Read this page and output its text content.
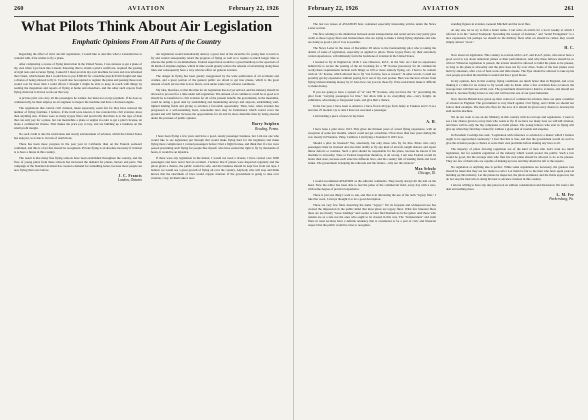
260	AVIATION	February 22, 1926
What Pilots Think About Air Legislation
Emphatic Opinions From All Parts of the Country

Regarding the effect of strict aircraft regulations, I would like to describe what a Canadian has to contend with, if he wishes to fly a plane.

After completing a course of flying instruction in the United States, I was anxious to get a plane of my own when I got back into Canada. Knowing that to obtain a pilot's certificate, required the passing of rigid tests and accurate flying, I asked if I must provide my own machine for tests and was informed that I must, which meant that I would have to pay $300.00 for a machine plus $125.00 freight and take a chance of being allowed to fly it. I would also be required to register the plane and passing those tests would cost far more than I could afford. I thought I might be able to keep in touch with things by reading the magazines and reports of flying at home and elsewhere, and the other such reports from flying clubs but it did not work out that way.

A private pilot can carry all the passengers he wishes, but must not accept payment. If he does so commercially, he must employ an air engineer to inspect the machine and have a licensed engine.

The regulations that control civil aviation, taken separately, seem fair for they have reduced the number of flying fatalities. I believe, if the truth were known, it has retarded the civil aviation, more than anything else. If there were as many Gypsy fliers and practically that there is to the type of man that can only pay for a plane, but can meanwhile a plane or engine in order to get a pilot's license, let alone a commercial license. That makes the price pay to buy, and are building up a business on the small profit margin.

No such credit is due the restrictions and steady advancement of aviation, which the United States has enjoyed, as is due to its lack of restrictions.

There has been more progress in the past year in California than on the Eastern seaboard combined, and this is a fact that should be recognized. Private flying is an absolute necessity if aviation is to have a future in this country.

The result is that many fine flying schools have been established throughout the country, and the flow of young pilots from these schools has increased the demand for planes, motors and parts. The campaign of the Standard Aviation has created a demand for something better, because more people are now flying than ever before.

J. C. Francis
London, Ontario

Air legislation would undoubtedly destroy a great deal of the incentive for young men to learn to fly and would consequently retard the progress of flying as well as to require so much longer time to educate the public to air-mindedness. Federal supervision would be a great handicap to the operators of all kinds of airplane engines, which in time would greatly reduce the amount of advertising along these lines and consequently have a very adverse effect on general aviation.

The danger in flying has been greatly exaggerated by the wide publication of all accidents and crashes, and a great portion of the general public are afraid to get into planes, which is the great amount of such service that is now flown, even under some very adverse conditions.

My idea, therefore, is that the time for air legislation has not yet arrived, and the industry should be allowed to proceed for a time under self-regulation. The amount of air commerce could be as good as it should be as beneficial to civil aviation for all of the present benefit, the government, in the meantime, could be doing a great deal by establishing and maintaining airways and airports, establishing well-lighted landing fields and giving to aviation a favorable opportunity. Then, later, when aviation has progressed to a self-sustaining basis, reasonable laws may be formulated, which would cover the ground and will further increase the opportunities for all and be more desirable than by being enacted under the pressure of public opinion.

Harry Sutphen
Reading, Penna.

I have been flying a few years and have a good, steady passenger business, but I am not one who would like to see legislation put through that would make flying hard for the beginners and make flying more complicated. I carried passengers before I had a flight license, and think that if a law were passed preventing such flying for people like myself, who have earned the right to fly by thousands of hours, it would be an injustice.

If there were any legislation in the matter, I would not need a license. I have carried over 5000 passengers and have never had an accident. I believe that if planes were inspected regularly and the pilots given a chance, the public would be safe, and the business should be kept free from red tape. I believe we would see a great growth of flying all over the country. Anybody who will stop and think knows that the enactment of laws would cripple aviation. If the government is going to take over aviation, I say, let them take it now.

February 22, 1926	AVIATION	261

The last two issues of AVIATION have contained especially interesting articles under the News Letter section.

The first, relating to the distinction between aerial transportation and aerial service very justly gave credit to those Gypsy fliers and barnstormers who are trying to make a living flying airplanes and who are doing as good a job of it as is possible.

The News Letter in the issue of December 28 refers to the barnstorming pilot who is taking the details of some of legislation, especially as applied to pilots. These Gypsy fliers, by their extremely varied experiences, will ultimately form the backbone of aviation in the United States.

I learned to fly in England in 1918. I was Observer, R.F.C. in the War. As I had no experience behind me to secure the passing of the air licensing for a "B" license (necessary for all commercial work) there requirements include such things as 100 or more entirely flying, etc. I had to be content with an "A" license, which allowed me to fly "not for hire, fees or reward." In other words, I could not possibly get my experience without paying for it out of my own pocket. Here was the new aviator from flying without making money by it! Also how can you tax those fly if the restrictions make it difficult to make money.

If you are going to have a system of "A" and "B" licenses, why not have the "A" preventing the pilot from "carrying passengers for hire," but allow him to do everything else—carry freight, do exhibition, advertising or fairground work, and give him a chance.

In the last year, I have been to America. I have flown 40 type from Jenny to Fokkers and C.V.A.s and also 25 models. Up to date I have not executed a passenger.

I am holding a piece of news in my hand.

A. H.

I have been a pilot since 1913. This gives me thirteen years of actual flying experience, with an exception of some few months, when I could not get a machine. I flew more than four years during the war, mostly in Flanders, Vimy, Cambrai. I am flying a Standard J1 OX5 now.

Should a pilot be licensed? Yes, absolutely, but only those who fly for hire. Pilots who carry passengers must be licensed and also their ability to fly any kind of aircraft, taught instead, and repair minor defects or troubles. Such a pilot should be responsible for his plane, because he knows if his machine is airworthy. State or Federal inspection therefore, is all wrong. I am sure Federal would be better than state, because each state has different laws, and the country full of landing fields and local banks. The government is helping the railroads and the farmer—why not the aviators?

Max Schulz
Chicago, Ill.

I would recommend AVIATION as the editorial comments. They nearly always hit the nail on the head. Now the editor has been able to feel the pulse of the commercial field, every day with a new, with some degree of practical experience.

There is just one thing I want to ask, and that is in discussing the use of the term "Gypsy flier," I like that word, I always thought it to be a good description.

There are very few fliers deserving the name "Gypsy." Yet its frequent and widespread use has created the impression in the public mind that most pilots are Gypsy fliers. What few itinerant fliers there are are mostly "loose landings" and sooner or later find themselves in the gutter. And those who remain are as a rule not the ones who ought to be classed in this way. The "barnstormers" and stunt fliers in rural sections have a definite tendency that is considered to be a part of civic and financial respect that the public would be wise to recognize.

standing figures in aviation, General Mitchell and the local flier.

At any rate, let us try to find a better name. I can write an article for a local weekly to which I referred to in the "Aerial Stampede: Spreading the Gospel of Aviation," and "aerial Evangelists" is a nice expression, but perhaps we should do the military fliers what we should be called, they would simply answer "Aces."

H. C.

Now about air legislation. This country is overrun with C.A.F. and R.A.F. pilots, who never have a good word to say about American planes or their performances. And why these fellows should be so critical. Whatever legislation is passed, the aviator should be allowed to build his plane as he pleases, as long as the plane is airworthy and the pilot does not fly over cities. Some of the best planes were built by amateurs, after a lot of hard work and little means. The flyer should be allowed to take up his own people provided his machine is sound and has a good motor.

In my opinion, here in this country, flying conditions are much better than in England, and a law making it a crime for an aviator to fly would only do harm. After a few accidents have occurred, the average man will then use all his care. The government should lend a hand to aviation, and should not hinder it, because flying is here to stay and will become one of our great industries.

Now that the British have given up their control of commercial aviation, there are quite a number of aviators in England. The government is very much against civil flying, and I think we should not follow their example. The man who flies for the love of it should be given every chance to develop his skill and his machine.

We do not want to see an Air Ministry in this country with its red tape and regulations. I want to see a fair chance given to every man who wants to fly. If we have too many laws we will kill aviation, and there will be only the big companies to build planes. The young fellows who start in flying will give up when they find they cannot fly without a great deal of trouble and expense.

In President Coolidge has said, "Legislation with reference to aviation is a matter which I believe ought to be approached cautiously." I feel that this is true, and that the government would do well to give the aviation people a chance to solve their own problems before making any laws at all.

The majority of pilots favoring regulation are of the kind of men who don't want too much legislation, but for sensible regulation of the industry which would protect the public. Such a law would be good, but the average man who flies his own plane should be allowed to do as he pleases. They are few of them who are capable of making up laws and they should be left to the experts.

No regulation or anything else is perfect. While some regulations are necessary, the greatest care should be taken that they are not made too strict. Let them be fair to the men who have spent years in building up this industry. Let the planes be inspected, the pilots examined, and the fields approved, but do not stop the man who is doing his best to advance aviation in this country.

I am not willing to have any rule placed on us without consideration and discussion. We want a fair deal and nothing more.

L. M. Fee
Parkersburg, Pa.
